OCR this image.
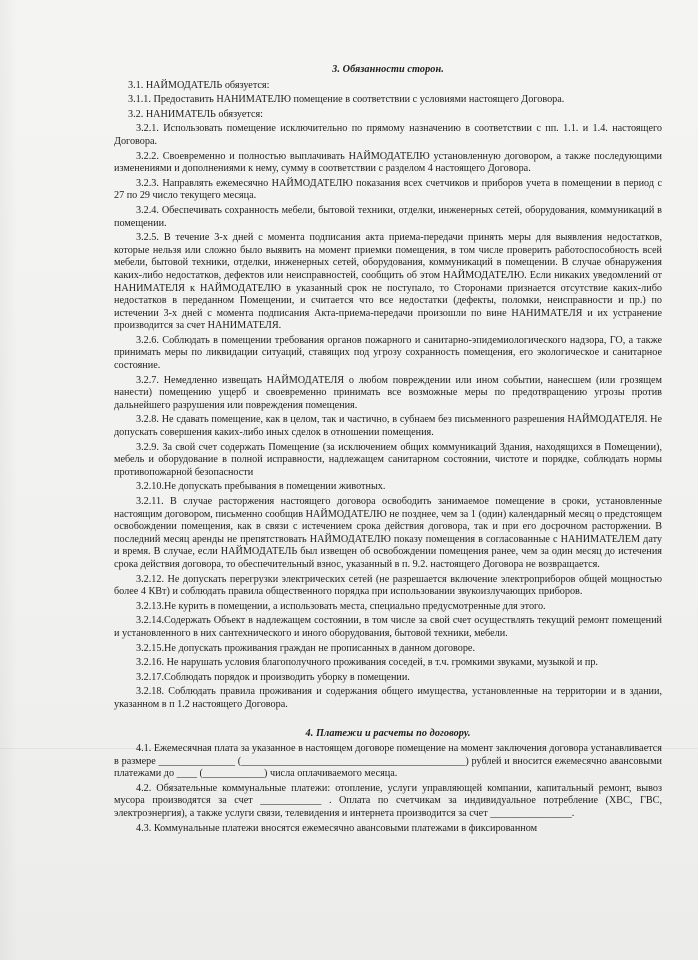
3. Обязанности сторон.
3.1. НАЙМОДАТЕЛЬ обязуется:
3.1.1. Предоставить НАНИМАТЕЛЮ помещение в соответствии с условиями настоящего Договора.
3.2. НАНИМАТЕЛЬ обязуется:
3.2.1. Использовать помещение исключительно по прямому назначению в соответствии с пп. 1.1. и 1.4. настоящего Договора.
3.2.2. Своевременно и полностью выплачивать НАЙМОДАТЕЛЮ установленную договором, а также последующими изменениями и дополнениями к нему, сумму в соответствии с разделом 4 настоящего Договора.
3.2.3. Направлять ежемесячно НАЙМОДАТЕЛЮ показания всех счетчиков и приборов учета в помещении в период с 27 по 29 число текущего месяца.
3.2.4. Обеспечивать сохранность мебели, бытовой техники, отделки, инженерных сетей, оборудования, коммуникаций в помещении.
3.2.5. В течение 3-х дней с момента подписания акта приема-передачи принять меры для выявления недостатков, которые нельзя или сложно было выявить на момент приемки помещения, в том числе проверить работоспособность всей мебели, бытовой техники, отделки, инженерных сетей, оборудования, коммуникаций в помещении. В случае обнаружения каких-либо недостатков, дефектов или неисправностей, сообщить об этом НАЙМОДАТЕЛЮ. Если никаких уведомлений от НАНИМАТЕЛЯ к НАЙМОДАТЕЛЮ в указанный срок не поступало, то Сторонами признается отсутствие каких-либо недостатков в переданном Помещении, и считается что все недостатки (дефекты, поломки, неисправности и пр.) по истечении 3-х дней с момента подписания Акта-приема-передачи произошли по вине НАНИМАТЕЛЯ и их устранение производится за счет НАНИМАТЕЛЯ.
3.2.6. Соблюдать в помещении требования органов пожарного и санитарно-эпидемиологического надзора, ГО, а также принимать меры по ликвидации ситуаций, ставящих под угрозу сохранность помещения, его экологическое и санитарное состояние.
3.2.7. Немедленно извещать НАЙМОДАТЕЛЯ о любом повреждении или ином событии, нанесшем (или грозящем нанести) помещению ущерб и своевременно принимать все возможные меры по предотвращению угрозы против дальнейшего разрушения или повреждения помещения.
3.2.8. Не сдавать помещение, как в целом, так и частично, в субнаем без письменного разрешения НАЙМОДАТЕЛЯ. Не допускать совершения каких-либо иных сделок в отношении помещения.
3.2.9. За свой счет содержать Помещение (за исключением общих коммуникаций Здания, находящихся в Помещении), мебель и оборудование в полной исправности, надлежащем санитарном состоянии, чистоте и порядке, соблюдать нормы противопожарной безопасности
3.2.10.Не допускать пребывания в помещении животных.
3.2.11. В случае расторжения настоящего договора освободить занимаемое помещение в сроки, установленные настоящим договором, письменно сообщив НАЙМОДАТЕЛЮ не позднее, чем за 1 (один) календарный месяц о предстоящем освобождении помещения, как в связи с истечением срока действия договора, так и при его досрочном расторжении. В последний месяц аренды не препятствовать НАЙМОДАТЕЛЮ показу помещения в согласованные с НАНИМАТЕЛЕМ дату и время. В случае, если НАЙМОДАТЕЛЬ был извещен об освобождении помещения ранее, чем за один месяц до истечения срока действия договора, то обеспечительный взнос, указанный в п. 9.2. настоящего Договора не возвращается.
3.2.12. Не допускать перегрузки электрических сетей (не разрешается включение электроприборов общей мощностью более 4 КВт) и соблюдать правила общественного порядка при использовании звукоизлучающих приборов.
3.2.13.Не курить в помещении, а использовать места, специально предусмотренные для этого.
3.2.14.Содержать Объект в надлежащем состоянии, в том числе за свой счет осуществлять текущий ремонт помещений и установленного в них сантехнического и иного оборудования, бытовой техники, мебели.
3.2.15.Не допускать проживания граждан не прописанных в данном договоре.
3.2.16. Не нарушать условия благополучного проживания соседей, в т.ч. громкими звуками, музыкой и пр.
3.2.17.Соблюдать порядок и производить уборку в помещении.
3.2.18. Соблюдать правила проживания и содержания общего имущества, установленные на территории и в здании, указанном в п 1.2 настоящего Договора.
4. Платежи и расчеты по договору.
4.1. Ежемесячная плата за указанное в настоящем договоре помещение на момент заключения договора устанавливается в размере _______________ (____________________________________________) рублей и вносится ежемесячно авансовыми платежами до ____ (____________) числа оплачиваемого месяца.
4.2. Обязательные коммунальные платежи: отопление, услуги управляющей компании, капитальный ремонт, вывоз мусора производятся за счет ____________ . Оплата по счетчикам за индивидуальное потребление (ХВС, ГВС, электроэнергия), а также услуги связи, телевидения и интернета производится за счет ________________.
4.3. Коммунальные платежи вносятся ежемесячно авансовыми платежами в фиксированном
